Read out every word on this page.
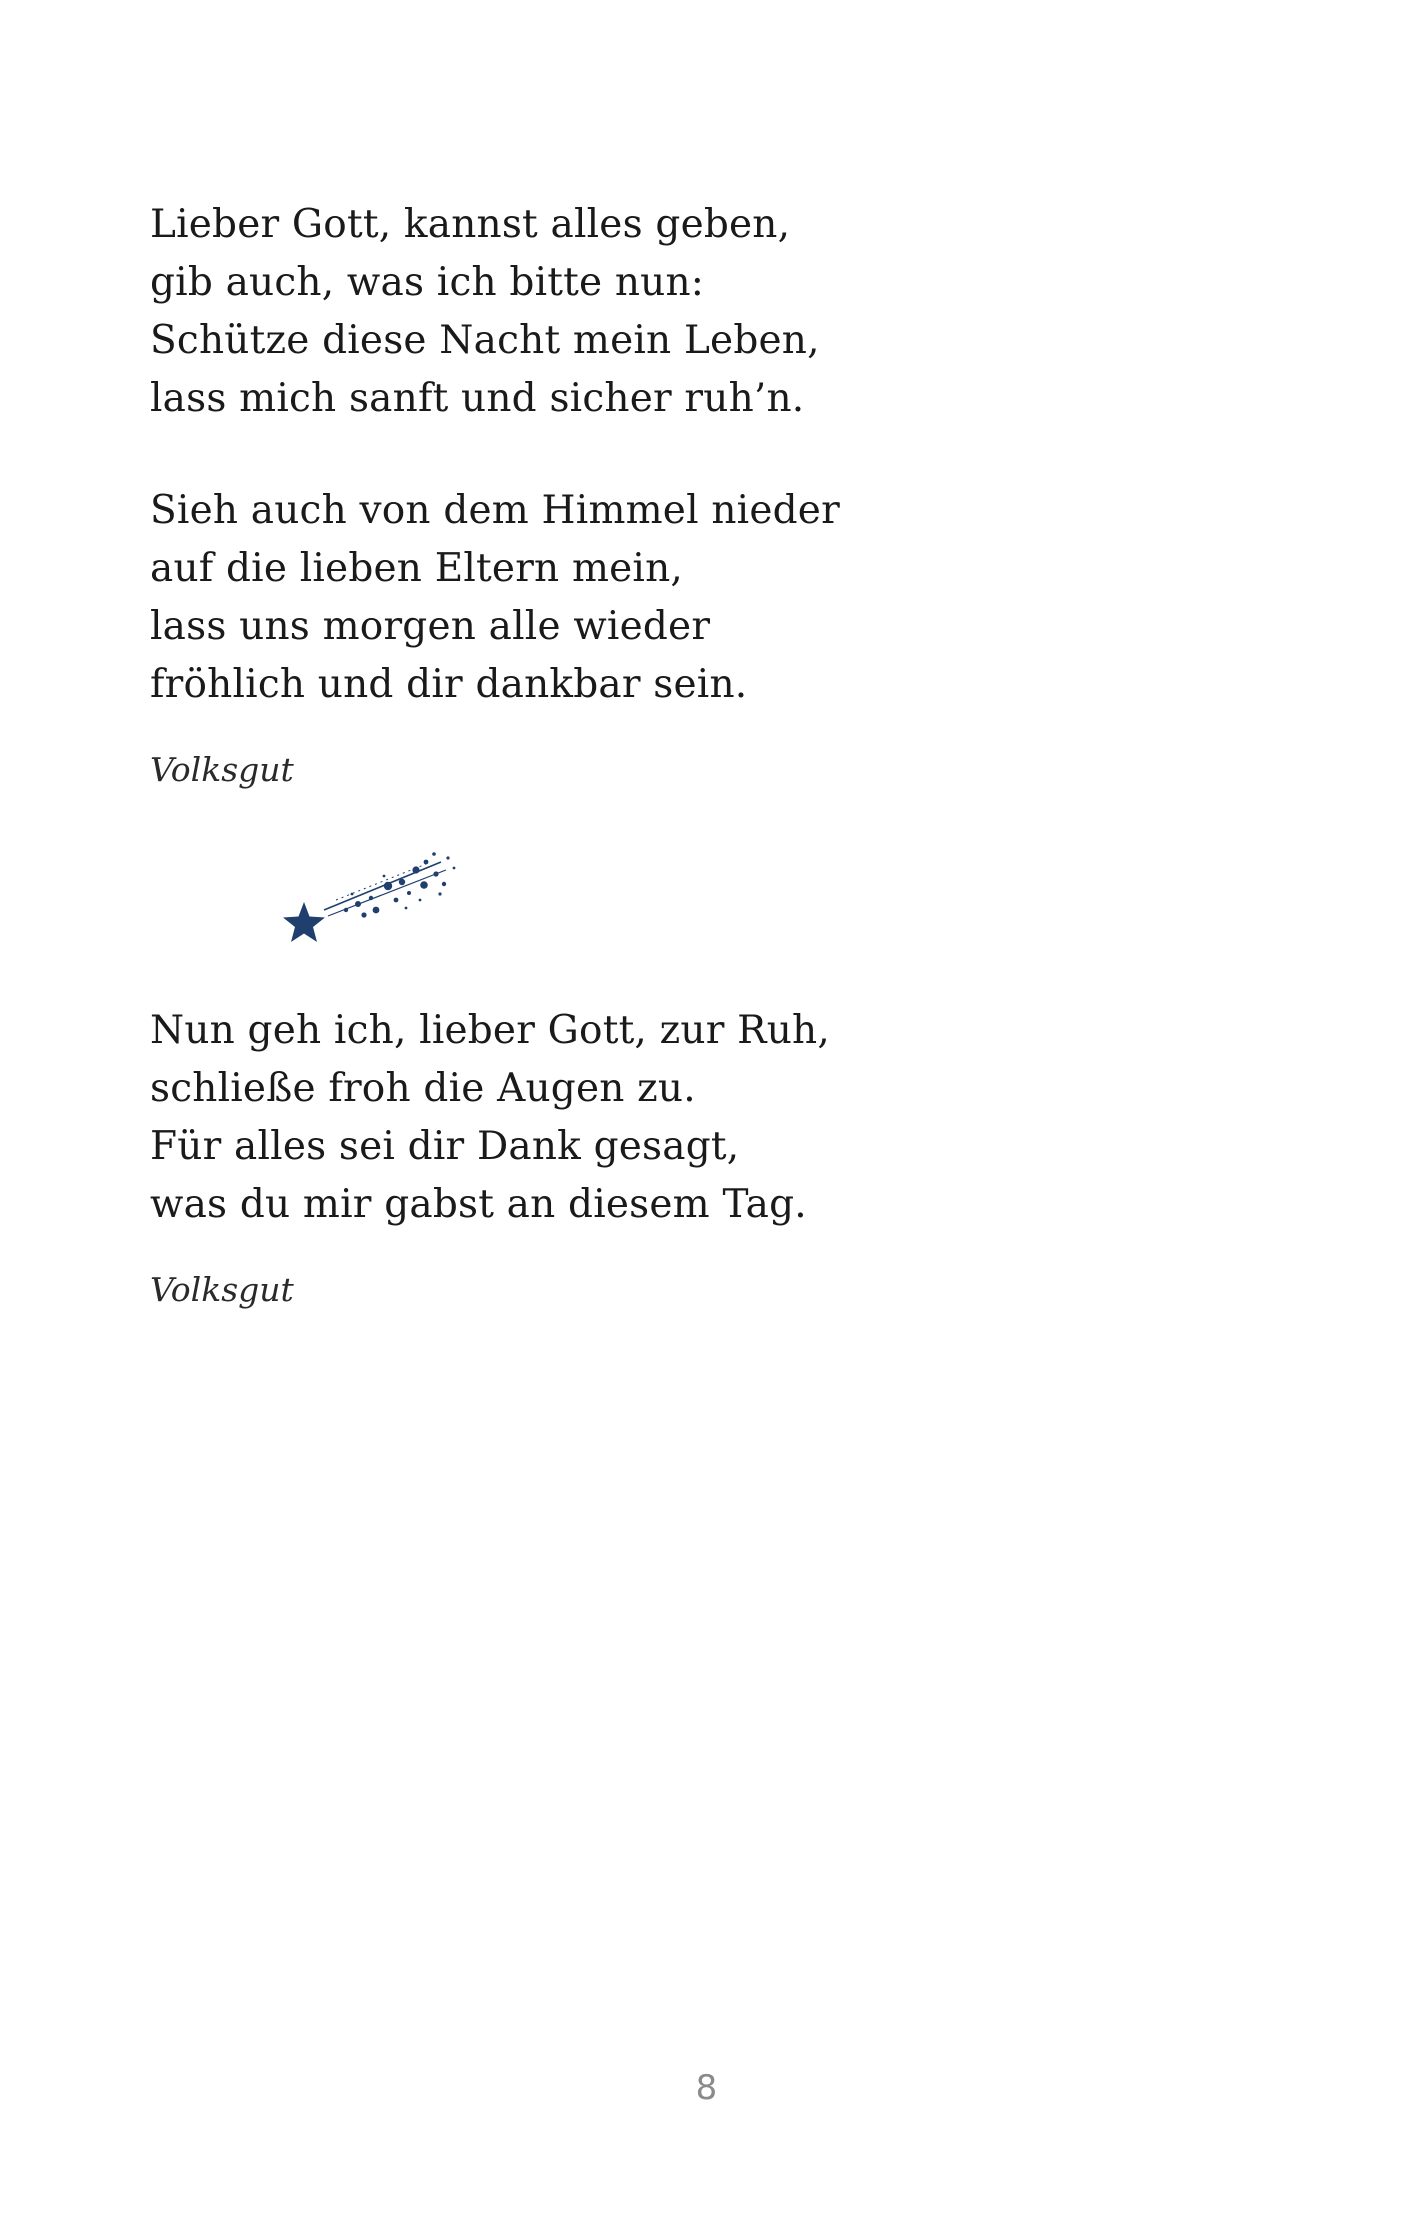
Lieber Gott, kannst alles geben,
gib auch, was ich bitte nun:
Schütze diese Nacht mein Leben,
lass mich sanft und sicher ruh’n.
Sieh auch von dem Himmel nieder
auf die lieben Eltern mein,
lass uns morgen alle wieder
fröhlich und dir dankbar sein.
Volksgut
Nun geh ich, lieber Gott, zur Ruh,
schließe froh die Augen zu.
Für alles sei dir Dank gesagt,
was du mir gabst an diesem Tag.
Volksgut
8
